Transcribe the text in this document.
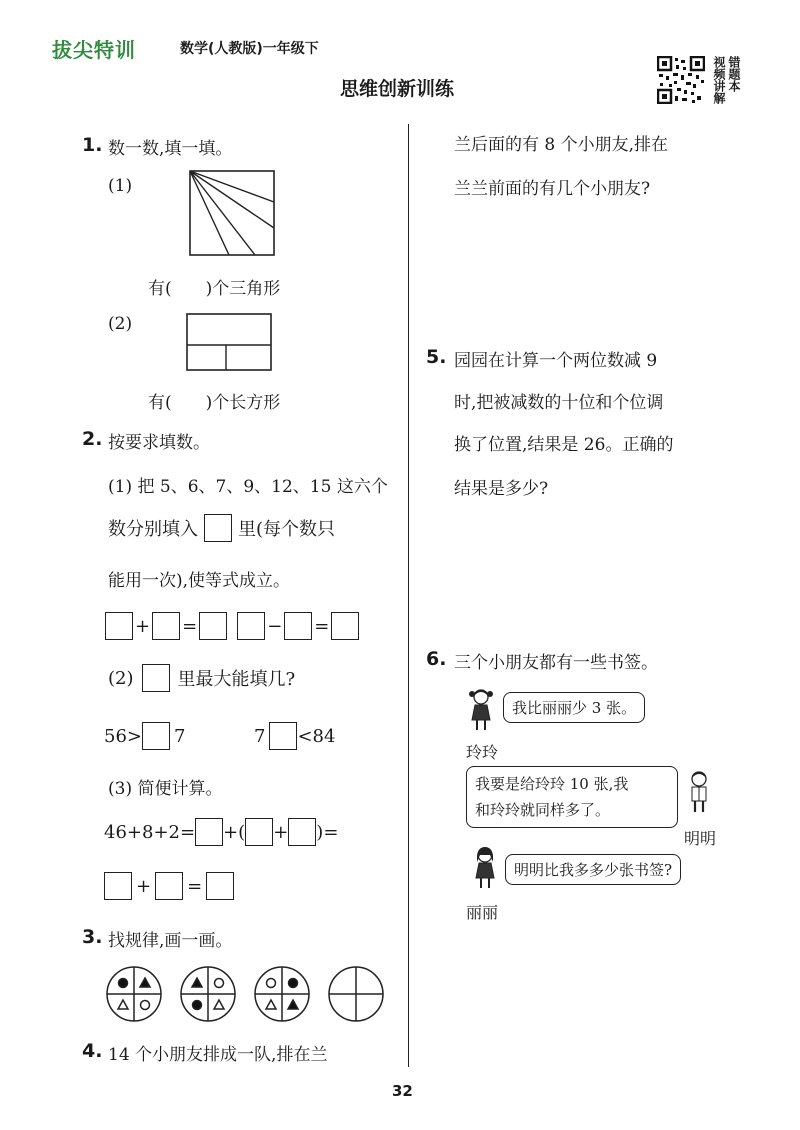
拔尖特训	数学(人教版)一年级下
思维创新训练	错题本
视频讲解
1. 数一数,填一填。
(1)
有(　　)个三角形
(2)
有(　　)个长方形
2. 按要求填数。
(1) 把 5、6、7、9、12、15 这六个
数分别填入 里(每个数只
能用一次),使等式成立。
+ =	− =
(2) 里最大能填几?
56> 7	7 <84
(3) 简便计算。
46+8+2= + ( + ) =
+ =
3. 找规律,画一画。
4. 14 个小朋友排成一队,排在兰
兰后面的有 8 个小朋友,排在
兰兰前面的有几个小朋友?
5. 园园在计算一个两位数减 9
时,把被减数的十位和个位调
换了位置,结果是 26。正确的
结果是多少?
6. 三个小朋友都有一些书签。
我比丽丽少 3 张。
玲玲
我要是给玲玲 10 张,我
和玲玲就同样多了。
明明
明明比我多多少张书签?
丽丽
32
